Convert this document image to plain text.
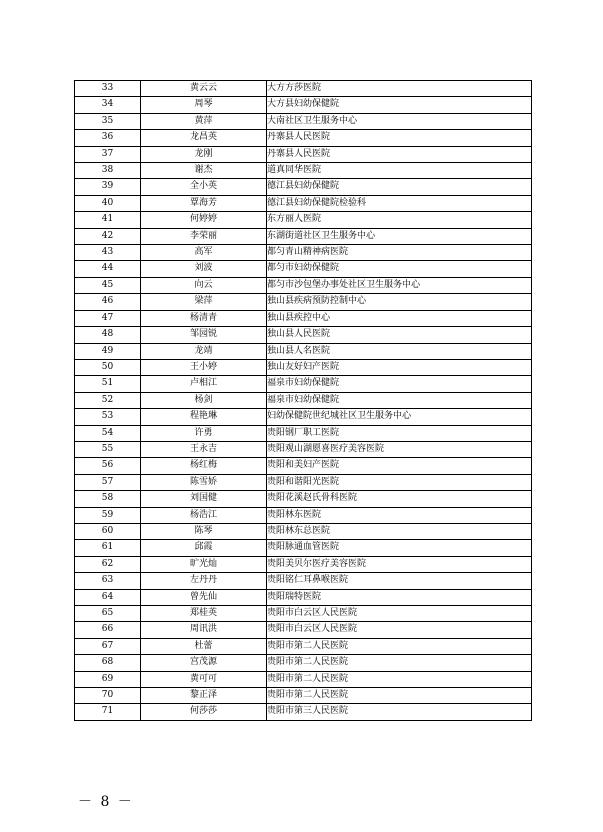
33	黄云云	大方方莎医院
34	周琴	大方县妇幼保健院
35	黄萍	大南社区卫生服务中心
36	龙昌英	丹寨县人民医院
37	龙刚	丹寨县人民医院
38	谢杰	道真同华医院
39	全小英	德江县妇幼保健院
40	覃海芳	德江县妇幼保健院检验科
41	何婷婷	东方丽人医院
42	李荣丽	东湖街道社区卫生服务中心
43	高军	都匀青山精神病医院
44	刘波	都匀市妇幼保健院
45	向云	都匀市沙包堡办事处社区卫生服务中心
46	梁萍	独山县疾病预防控制中心
47	杨清青	独山县疾控中心
48	邹园锐	独山县人民医院
49	龙靖	独山县人名医院
50	王小婷	独山友好妇产医院
51	卢相江	福泉市妇幼保健院
52	杨剑	福泉市妇幼保健院
53	程艳琳	妇幼保健院世纪城社区卫生服务中心
54	许勇	贵阳钢厂职工医院
55	王永吉	贵阳观山湖愿喜医疗美容医院
56	杨红梅	贵阳和美妇产医院
57	陈雪娇	贵阳和谐阳光医院
58	刘国健	贵阳花溪赵氏骨科医院
59	杨浩江	贵阳林东医院
60	陈琴	贵阳林东总医院
61	邱霞	贵阳脉通血管医院
62	旷光灿	贵阳美贝尔医疗美容医院
63	左丹丹	贵阳铭仁耳鼻喉医院
64	曾先仙	贵阳瑞特医院
65	郑桂英	贵阳市白云区人民医院
66	周讯洪	贵阳市白云区人民医院
67	杜蕾	贵阳市第二人民医院
68	宫茂源	贵阳市第二人民医院
69	黄可可	贵阳市第二人民医院
70	黎正泽	贵阳市第二人民医院
71	何莎莎	贵阳市第三人民医院
－ 8 －
